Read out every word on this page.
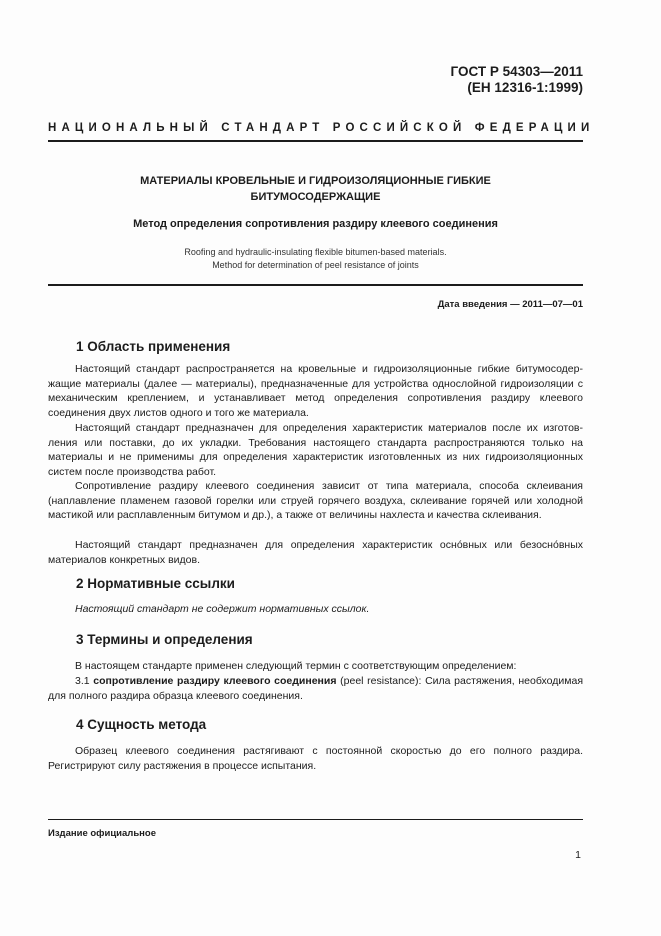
ГОСТ Р 54303—2011
(ЕН 12316-1:1999)
НАЦИОНАЛЬНЫЙ СТАНДАРТ РОССИЙСКОЙ ФЕДЕРАЦИИ
МАТЕРИАЛЫ КРОВЕЛЬНЫЕ И ГИДРОИЗОЛЯЦИОННЫЕ ГИБКИЕ
БИТУМОСОДЕРЖАЩИЕ
Метод определения сопротивления раздиру клеевого соединения
Roofing and hydraulic-insulating flexible bitumen-based materials.
Method for determination of peel resistance of joints
Дата введения — 2011—07—01
1 Область применения
Настоящий стандарт распространяется на кровельные и гидроизоляционные гибкие битумосодержащие материалы (далее — материалы), предназначенные для устройства однослойной гидроизоляции с механическим креплением, и устанавливает метод определения сопротивления раздиру клеевого соединения двух листов одного и того же материала.
Настоящий стандарт предназначен для определения характеристик материалов после их изготовления или поставки, до их укладки. Требования настоящего стандарта распространяются только на материалы и не применимы для определения характеристик изготовленных из них гидроизоляционных систем после производства работ.
Сопротивление раздиру клеевого соединения зависит от типа материала, способа склеивания (наплавление пламенем газовой горелки или струей горячего воздуха, склеивание горячей или холодной мастикой или расплавленным битумом и др.), а также от величины нахлеста и качества склеивания.
Настоящий стандарт предназначен для определения характеристик осно́вных или безосно́вных материалов конкретных видов.
2 Нормативные ссылки
Настоящий стандарт не содержит нормативных ссылок.
3 Термины и определения
В настоящем стандарте применен следующий термин с соответствующим определением:
3.1 сопротивление раздиру клеевого соединения (peel resistance): Сила растяжения, необходимая для полного раздира образца клеевого соединения.
4 Сущность метода
Образец клеевого соединения растягивают с постоянной скоростью до его полного раздира. Регистрируют силу растяжения в процессе испытания.
Издание официальное
1
